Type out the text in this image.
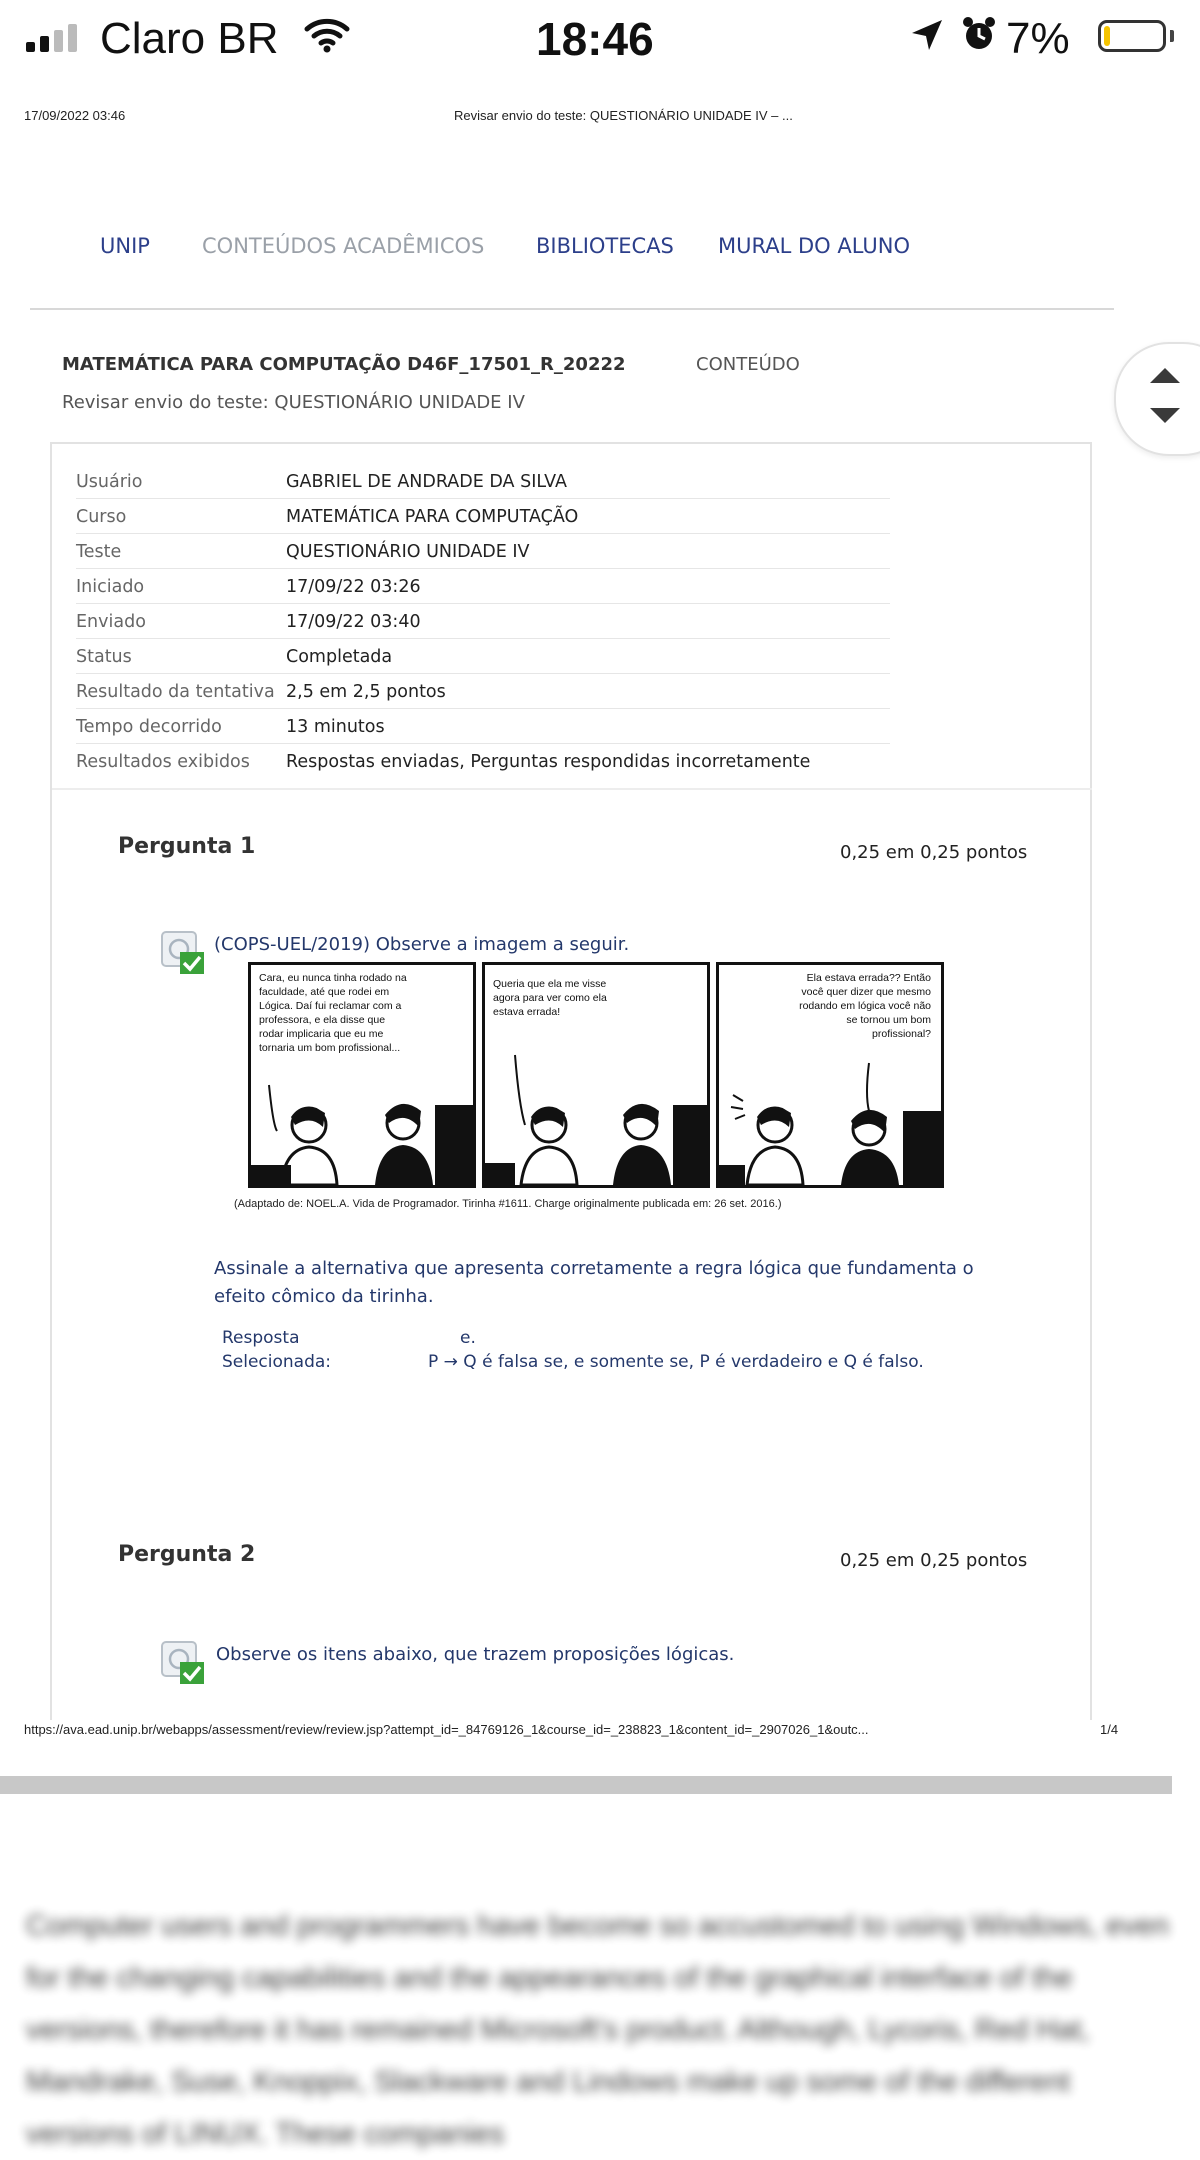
Claro BR	18:46	7%
17/09/2022 03:46	Revisar envio do teste: QUESTIONÁRIO UNIDADE IV – ...
UNIP CONTEÚDOS ACADÊMICOS BIBLIOTECAS MURAL DO ALUNO
MATEMÁTICA PARA COMPUTAÇÃO D46F_17501_R_20222	CONTEÚDO
Revisar envio do teste: QUESTIONÁRIO UNIDADE IV
Usuário	GABRIEL DE ANDRADE DA SILVA
Curso	MATEMÁTICA PARA COMPUTAÇÃO
Teste	QUESTIONÁRIO UNIDADE IV
Iniciado	17/09/22 03:26
Enviado	17/09/22 03:40
Status	Completada
Resultado da tentativa 2,5 em 2,5 pontos
Tempo decorrido	13 minutos
Resultados exibidos Respostas enviadas, Perguntas respondidas incorretamente
Pergunta 1	0,25 em 0,25 pontos
(COPS-UEL/2019) Observe a imagem a seguir.
Cara, eu nunca tinha rodado na
faculdade, até que rodei em
Lógica. Daí fui reclamar com a
professora, e ela disse que
rodar implicaria que eu me
tornaria um bom profissional...
Queria que ela me visse
agora para ver como ela
estava errada!
Ela estava errada?? Então
você quer dizer que mesmo
rodando em lógica você não
se tornou um bom
profissional?
(Adaptado de: NOEL.A. Vida de Programador. Tirinha #1611. Charge originalmente publicada em: 26 set. 2016.)
Assinale a alternativa que apresenta corretamente a regra lógica que fundamenta o
efeito cômico da tirinha.
Resposta
Selecionada:
e.
P → Q é falsa se, e somente se, P é verdadeiro e Q é falso.
Pergunta 2	0,25 em 0,25 pontos
Observe os itens abaixo, que trazem proposições lógicas.
https://ava.ead.unip.br/webapps/assessment/review/review.jsp?attempt_id=_84769126_1&course_id=_238823_1&content_id=_2907026_1&outc...	1/4
Computer users and programmers have become so accustomed to using Windows, even for the changing capabilities and the appearances of the graphical interface of the versions, therefore it has remained Microsoft's product. Although, Lycoris, Red Hat, Mandrake, Suse, Knoppix, Slackware and Lindows make up some of the different versions of LINUX. These companies
